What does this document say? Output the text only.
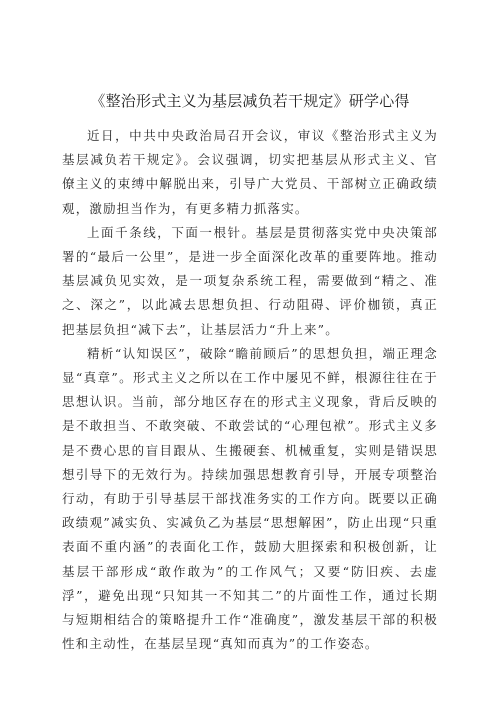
《整治形式主义为基层减负若干规定》研学心得

近日，中共中央政治局召开会议，审议《整治形式主义为基层减负若干规定》。会议强调，切实把基层从形式主义、官僚主义的束缚中解脱出来，引导广大党员、干部树立正确政绩观，激励担当作为，有更多精力抓落实。

上面千条线，下面一根针。基层是贯彻落实党中央决策部署的“最后一公里”，是进一步全面深化改革的重要阵地。推动基层减负见实效，是一项复杂系统工程，需要做到“精之、准之、深之”，以此减去思想负担、行动阻碍、评价枷锁，真正把基层负担“减下去”，让基层活力“升上来”。

精析“认知误区”，破除“瞻前顾后”的思想负担，端正理念显“真章”。形式主义之所以在工作中屡见不鲜，根源往往在于思想认识。当前，部分地区存在的形式主义现象，背后反映的是不敢担当、不敢突破、不敢尝试的“心理包袱”。形式主义多是不费心思的盲目跟从、生搬硬套、机械重复，实则是错误思想引导下的无效行为。持续加强思想教育引导，开展专项整治行动，有助于引导基层干部找准务实的工作方向。既要以正确政绩观”减实负、实减负乙为基层“思想解困”，防止出现“只重表面不重内涵”的表面化工作，鼓励大胆探索和积极创新，让基层干部形成“敢作敢为”的工作风气；又要“防旧疾、去虚浮”，避免出现“只知其一不知其二”的片面性工作，通过长期与短期相结合的策略提升工作“准确度”，激发基层干部的积极性和主动性，在基层呈现“真知而真为”的工作姿态。
